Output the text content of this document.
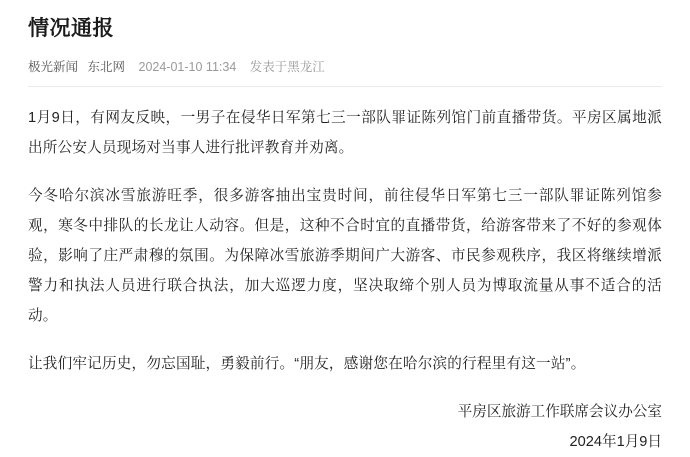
情况通报
极光新闻 东北网 2024-01-10 11:34 发表于黑龙江

1月9日，有网友反映，一男子在侵华日军第七三一部队罪证陈列馆门前直播带货。平房区属地派出所公安人员现场对当事人进行批评教育并劝离。

今冬哈尔滨冰雪旅游旺季，很多游客抽出宝贵时间，前往侵华日军第七三一部队罪证陈列馆参观，寒冬中排队的长龙让人动容。但是，这种不合时宜的直播带货，给游客带来了不好的参观体验，影响了庄严肃穆的氛围。为保障冰雪旅游季期间广大游客、市民参观秩序，我区将继续增派警力和执法人员进行联合执法，加大巡逻力度，坚决取缔个别人员为博取流量从事不适合的活动。

让我们牢记历史，勿忘国耻，勇毅前行。“朋友，感谢您在哈尔滨的行程里有这一站”。

平房区旅游工作联席会议办公室
2024年1月9日
